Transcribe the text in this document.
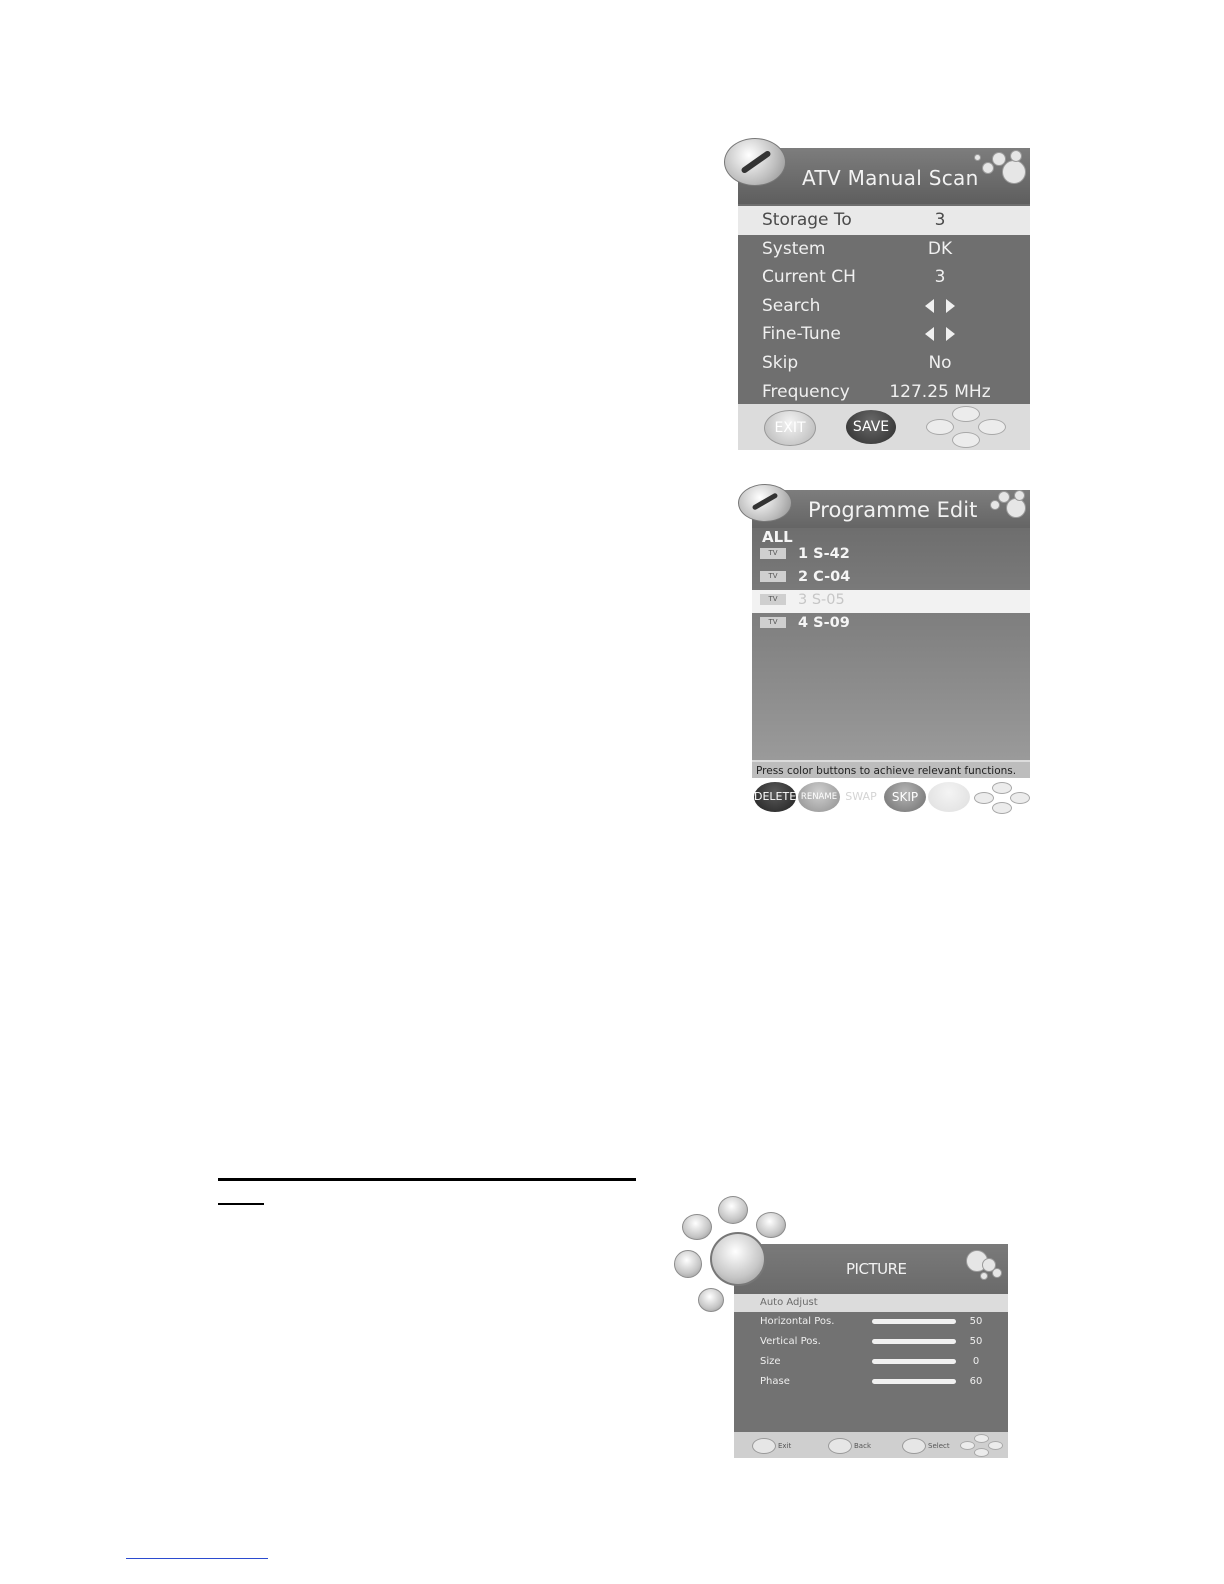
ATV Manual Scan
Storage To	3
System	DK
Current CH	3
Search
Fine-Tune
Skip	No
Frequency	127.25 MHz
EXIT	SAVE
Programme Edit
ALL
TV	1 S-42
TV	2 C-04
TV	3 S-05
TV	4 S-09
Press color buttons to achieve relevant functions.
DELETE RENAME SWAP	SKIP
PICTURE
Auto Adjust
Horizontal Pos.	50
Vertical Pos.	50
Size	0
Phase	60
Exit	Back	Select
